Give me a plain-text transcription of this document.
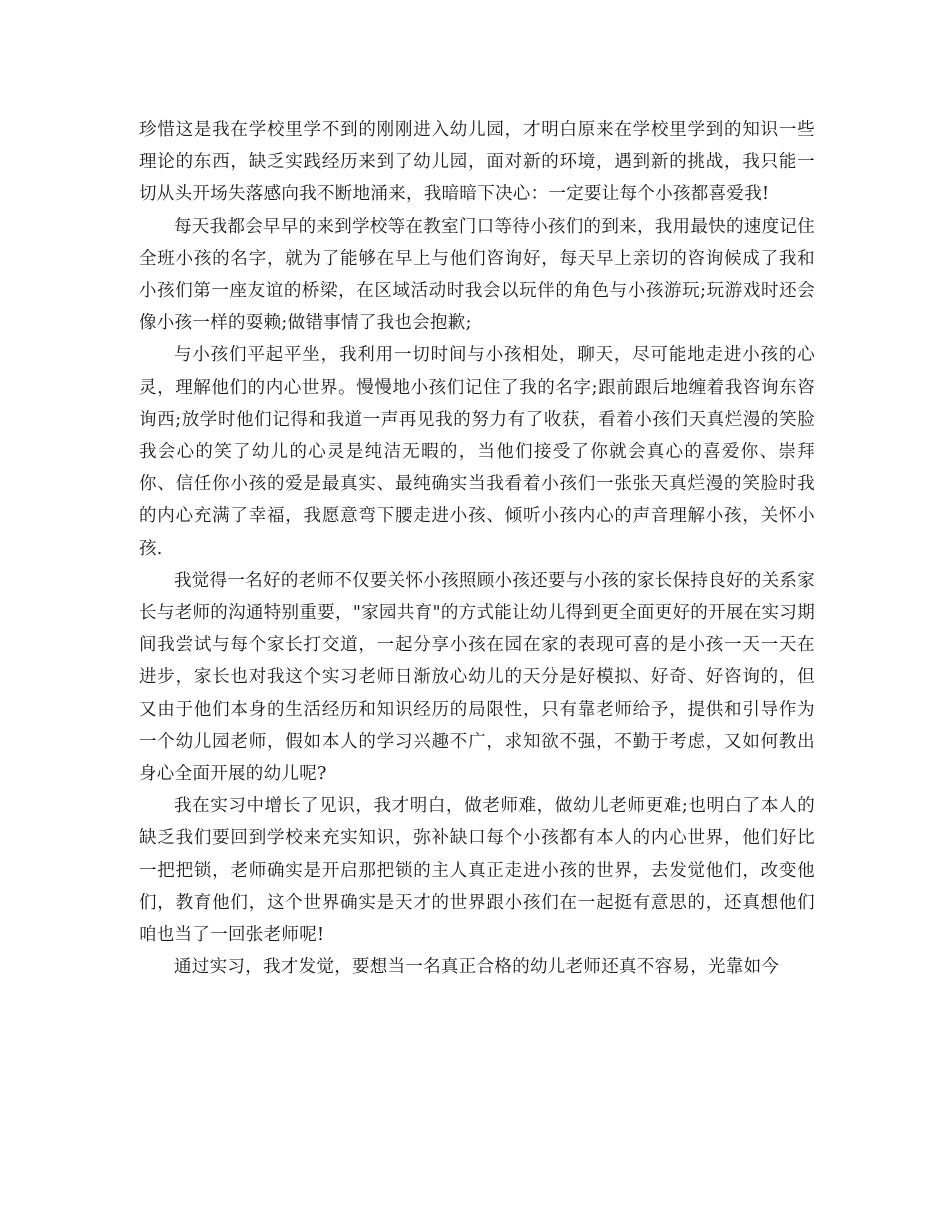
珍惜这是我在学校里学不到的刚刚进入幼儿园，才明白原来在学校里学到的知识一些理论的东西，缺乏实践经历来到了幼儿园，面对新的环境，遇到新的挑战，我只能一切从头开场失落感向我不断地涌来，我暗暗下决心：一定要让每个小孩都喜爱我!

每天我都会早早的来到学校等在教室门口等待小孩们的到来，我用最快的速度记住全班小孩的名字，就为了能够在早上与他们咨询好，每天早上亲切的咨询候成了我和小孩们第一座友谊的桥梁，在区域活动时我会以玩伴的角色与小孩游玩;玩游戏时还会像小孩一样的耍赖;做错事情了我也会抱歉;

与小孩们平起平坐，我利用一切时间与小孩相处，聊天，尽可能地走进小孩的心灵，理解他们的内心世界。慢慢地小孩们记住了我的名字;跟前跟后地缠着我咨询东咨询西;放学时他们记得和我道一声再见我的努力有了收获，看着小孩们天真烂漫的笑脸我会心的笑了幼儿的心灵是纯洁无暇的，当他们接受了你就会真心的喜爱你、崇拜你、信任你小孩的爱是最真实、最纯确实当我看着小孩们一张张天真烂漫的笑脸时我的内心充满了幸福，我愿意弯下腰走进小孩、倾听小孩内心的声音理解小孩，关怀小孩.

我觉得一名好的老师不仅要关怀小孩照顾小孩还要与小孩的家长保持良好的关系家长与老师的沟通特别重要，"家园共育"的方式能让幼儿得到更全面更好的开展在实习期间我尝试与每个家长打交道，一起分享小孩在园在家的表现可喜的是小孩一天一天在进步，家长也对我这个实习老师日渐放心幼儿的天分是好模拟、好奇、好咨询的，但又由于他们本身的生活经历和知识经历的局限性，只有靠老师给予，提供和引导作为一个幼儿园老师，假如本人的学习兴趣不广，求知欲不强，不勤于考虑，又如何教出身心全面开展的幼儿呢?

我在实习中增长了见识，我才明白，做老师难，做幼儿老师更难;也明白了本人的缺乏我们要回到学校来充实知识，弥补缺口每个小孩都有本人的内心世界，他们好比一把把锁，老师确实是开启那把锁的主人真正走进小孩的世界，去发觉他们，改变他们，教育他们，这个世界确实是天才的世界跟小孩们在一起挺有意思的，还真想他们咱也当了一回张老师呢!

通过实习，我才发觉，要想当一名真正合格的幼儿老师还真不容易，光靠如今
